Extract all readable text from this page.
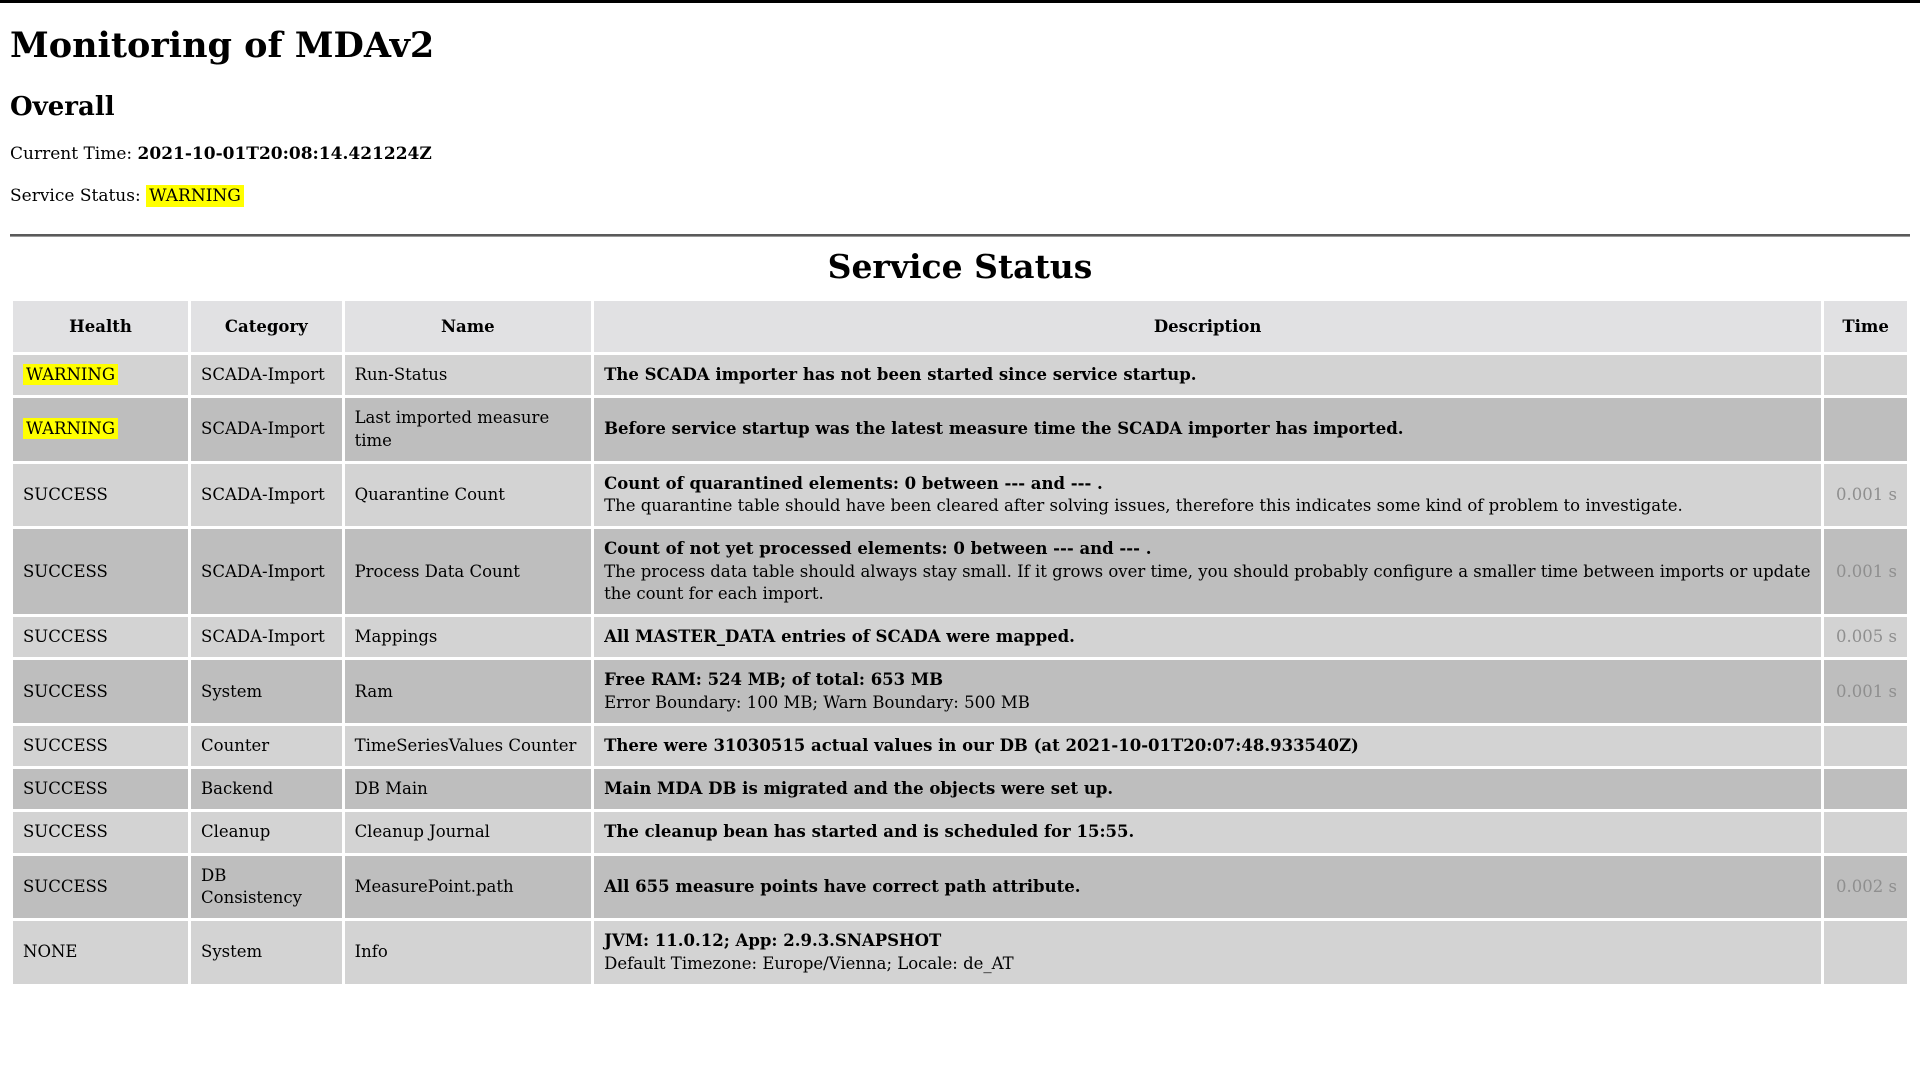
Monitoring of MDAv2
Overall
Current Time: 2021-10-01T20:08:14.421224Z
Service Status: WARNING
Service Status
Health	Category	Name	Description	Time
WARNING	SCADA-Import	Run-Status	The SCADA importer has not been started since service startup.	

WARNING	SCADA-Import	Last imported measure time	Before service startup was the latest measure time the SCADA importer has imported.	

SUCCESS	SCADA-Import	Quarantine Count	Count of quarantined elements: 0 between --- and --- .
The quarantine table should have been cleared after solving issues, therefore this indicates some kind of problem to investigate.	0.001 s
SUCCESS	SCADA-Import	Process Data Count	Count of not yet processed elements: 0 between --- and --- .
The process data table should always stay small. If it grows over time, you should probably configure a smaller time between imports or update the count for each import.	0.001 s
SUCCESS	SCADA-Import	Mappings	All MASTER_DATA entries of SCADA were mapped.	0.005 s
SUCCESS	System	Ram	Free RAM: 524 MB; of total: 653 MB
Error Boundary: 100 MB; Warn Boundary: 500 MB	0.001 s
SUCCESS	Counter	TimeSeriesValues Counter	There were 31030515 actual values in our DB (at 2021-10-01T20:07:48.933540Z)	

SUCCESS	Backend	DB Main	Main MDA DB is migrated and the objects were set up.	

SUCCESS	Cleanup	Cleanup Journal	The cleanup bean has started and is scheduled for 15:55.	

SUCCESS	DB Consistency	MeasurePoint.path	All 655 measure points have correct path attribute.	0.002 s
NONE	System	Info	JVM: 11.0.12; App: 2.9.3.SNAPSHOT
Default Timezone: Europe/Vienna; Locale: de_AT	
